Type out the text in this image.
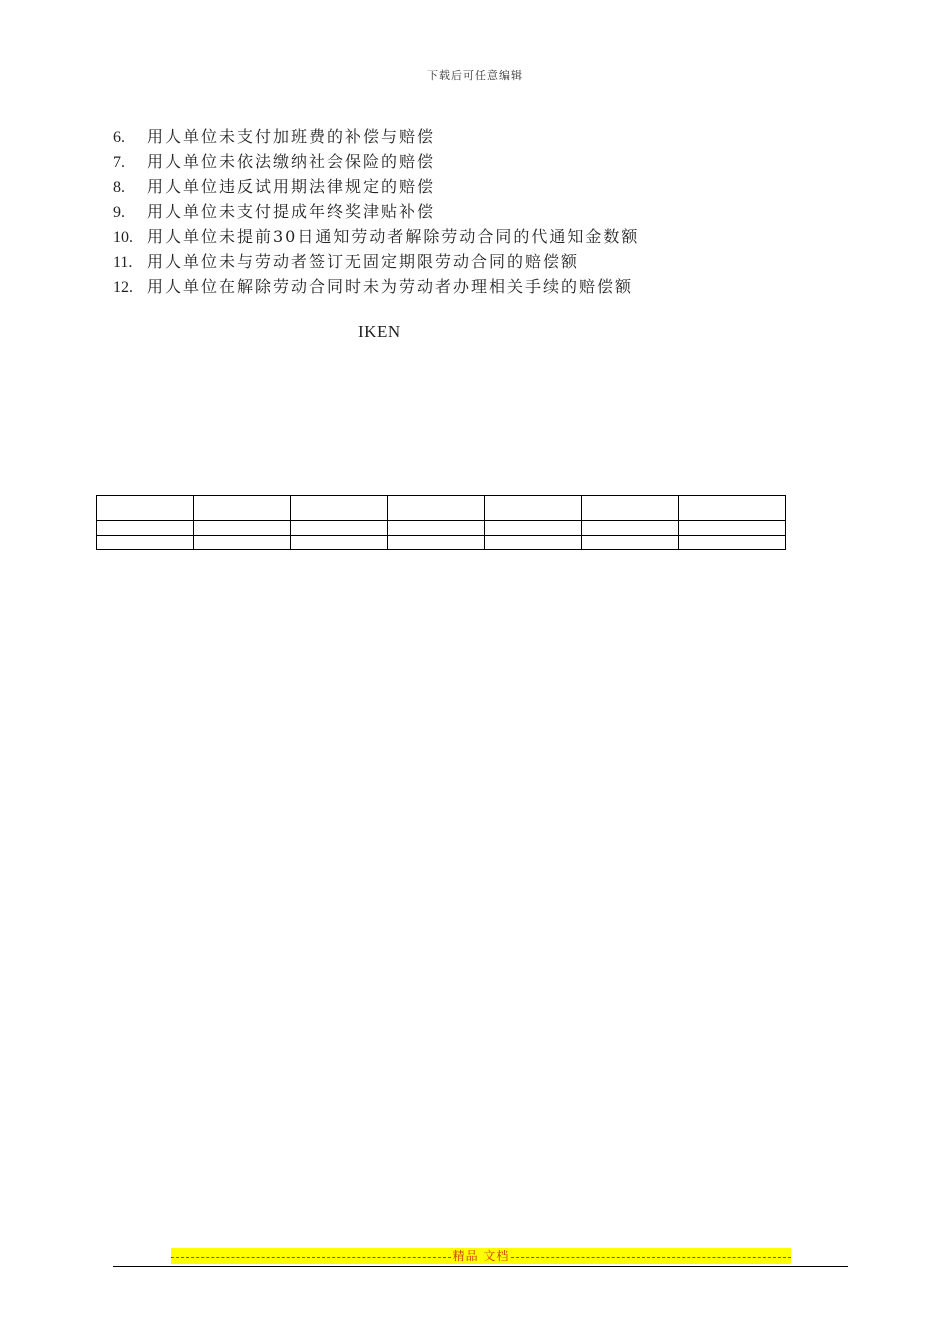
下载后可任意编辑
6. 用人单位未支付加班费的补偿与赔偿
7. 用人单位未依法缴纳社会保险的赔偿
8. 用人单位违反试用期法律规定的赔偿
9. 用人单位未支付提成年终奖津贴补偿
10. 用人单位未提前30日通知劳动者解除劳动合同的代通知金数额
11. 用人单位未与劳动者签订无固定期限劳动合同的赔偿额
12. 用人单位在解除劳动合同时未为劳动者办理相关手续的赔偿额
IKEN

精品 文档
